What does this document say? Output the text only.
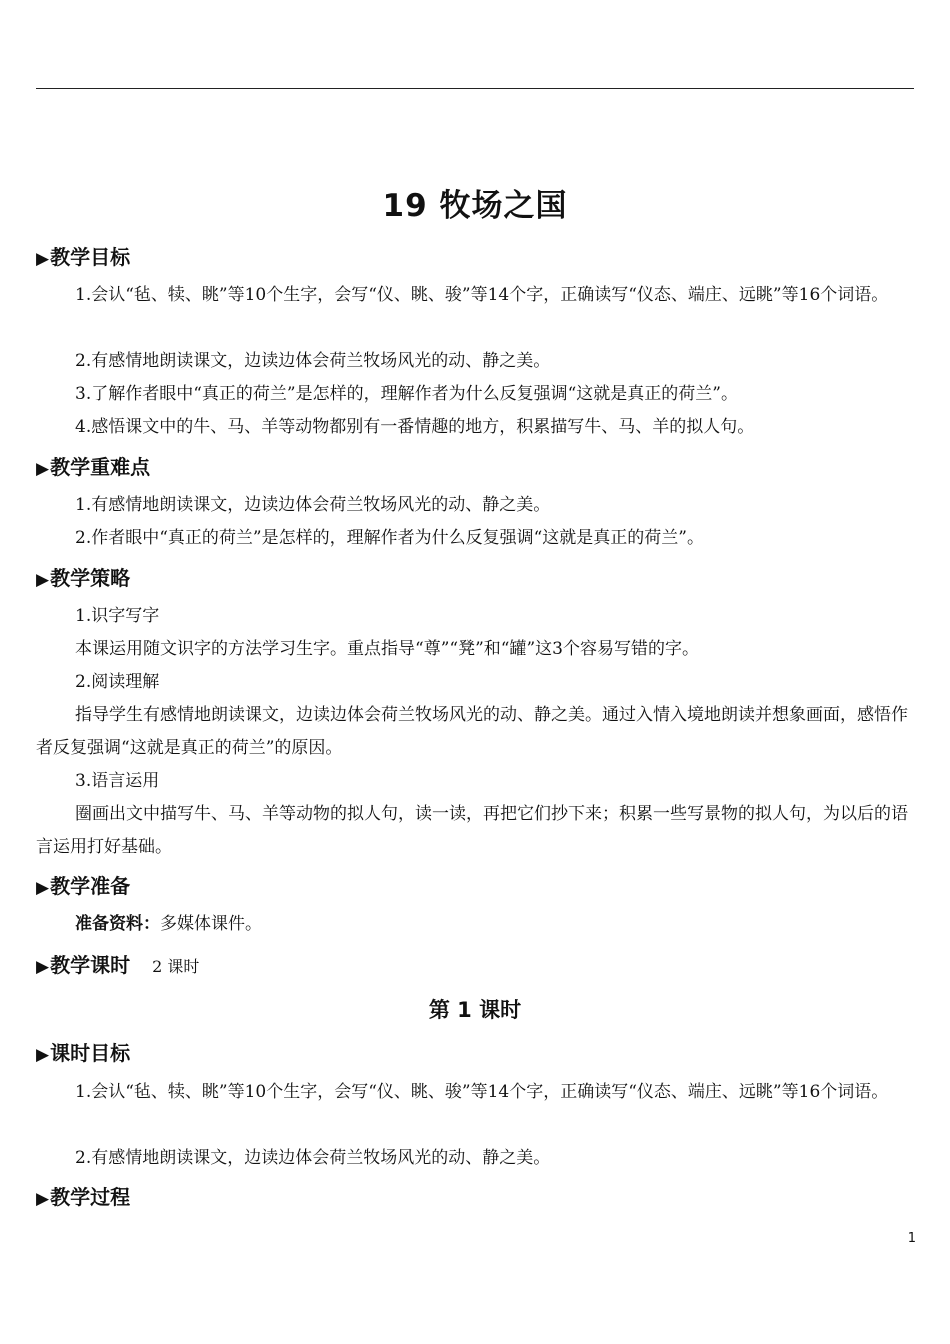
19 牧场之国
▶教学目标
1.会认“毡、犊、眺”等10个生字，会写“仪、眺、骏”等14个字，正确读写“仪态、端庄、远眺”等16个词语。
2.有感情地朗读课文，边读边体会荷兰牧场风光的动、静之美。
3.了解作者眼中“真正的荷兰”是怎样的，理解作者为什么反复强调“这就是真正的荷兰”。
4.感悟课文中的牛、马、羊等动物都别有一番情趣的地方，积累描写牛、马、羊的拟人句。
▶教学重难点
1.有感情地朗读课文，边读边体会荷兰牧场风光的动、静之美。
2.作者眼中“真正的荷兰”是怎样的，理解作者为什么反复强调“这就是真正的荷兰”。
▶教学策略
1.识字写字
本课运用随文识字的方法学习生字。重点指导“尊”“凳”和“罐”这3个容易写错的字。
2.阅读理解
指导学生有感情地朗读课文，边读边体会荷兰牧场风光的动、静之美。通过入情入境地朗读并想象画面，感悟作者反复强调“这就是真正的荷兰”的原因。
3.语言运用
圈画出文中描写牛、马、羊等动物的拟人句，读一读，再把它们抄下来；积累一些写景物的拟人句，为以后的语言运用打好基础。
▶教学准备
准备资料：多媒体课件。
▶教学课时 2 课时
第 1 课时
▶课时目标
1.会认“毡、犊、眺”等10个生字，会写“仪、眺、骏”等14个字，正确读写“仪态、端庄、远眺”等16个词语。
2.有感情地朗读课文，边读边体会荷兰牧场风光的动、静之美。
▶教学过程
1
